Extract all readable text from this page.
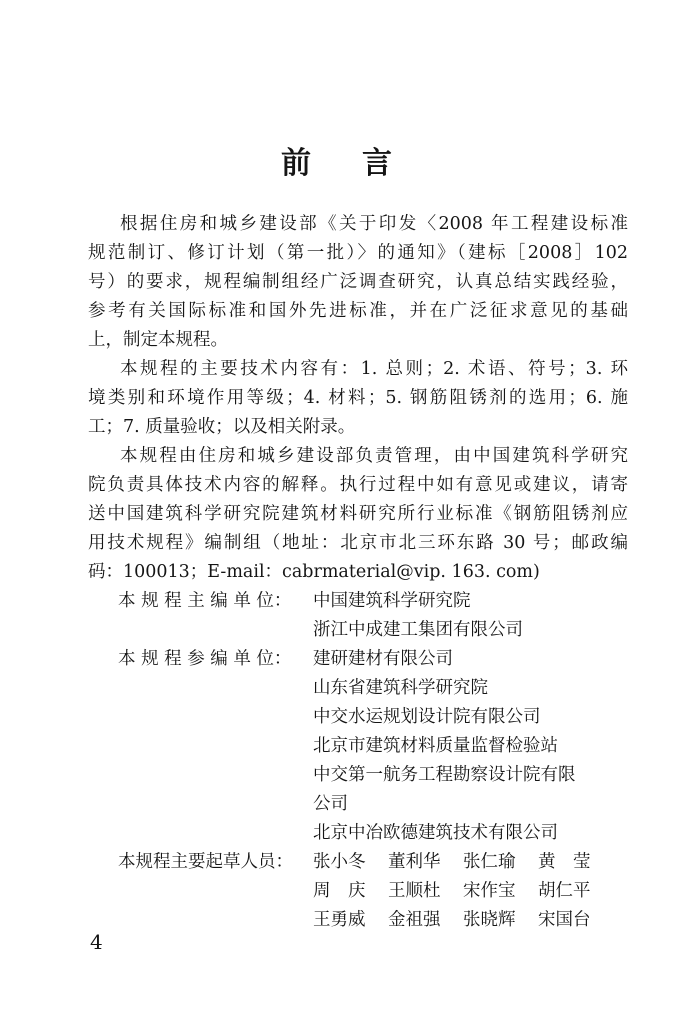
前 言
根据住房和城乡建设部《关于印发〈2008 年工程建设标准
规范制订、修订计划（第一批）〉的通知》（建标［2008］102
号）的要求，规程编制组经广泛调查研究，认真总结实践经验，
参考有关国际标准和国外先进标准，并在广泛征求意见的基础
上，制定本规程。
本规程的主要技术内容有：1. 总则；2. 术语、符号；3. 环
境类别和环境作用等级；4. 材料；5. 钢筋阻锈剂的选用；6. 施
工；7. 质量验收；以及相关附录。
本规程由住房和城乡建设部负责管理，由中国建筑科学研究
院负责具体技术内容的解释。执行过程中如有意见或建议，请寄
送中国建筑科学研究院建筑材料研究所行业标准《钢筋阻锈剂应
用技术规程》编制组（地址：北京市北三环东路 30 号；邮政编
码：100013；E-mail：cabrmaterial@vip. 163. com)
本 规 程 主 编 单 位： 中国建筑科学研究院
浙江中成建工集团有限公司
本 规 程 参 编 单 位： 建研建材有限公司
山东省建筑科学研究院
中交水运规划设计院有限公司
北京市建筑材料质量监督检验站
中交第一航务工程勘察设计院有限
公司
北京中冶欧德建筑技术有限公司
本规程主要起草人员： 张小冬	董利华	张仁瑜	黄　莹
周　庆	王顺杜	宋作宝	胡仁平
王勇威	金祖强	张晓辉	宋国台
4
